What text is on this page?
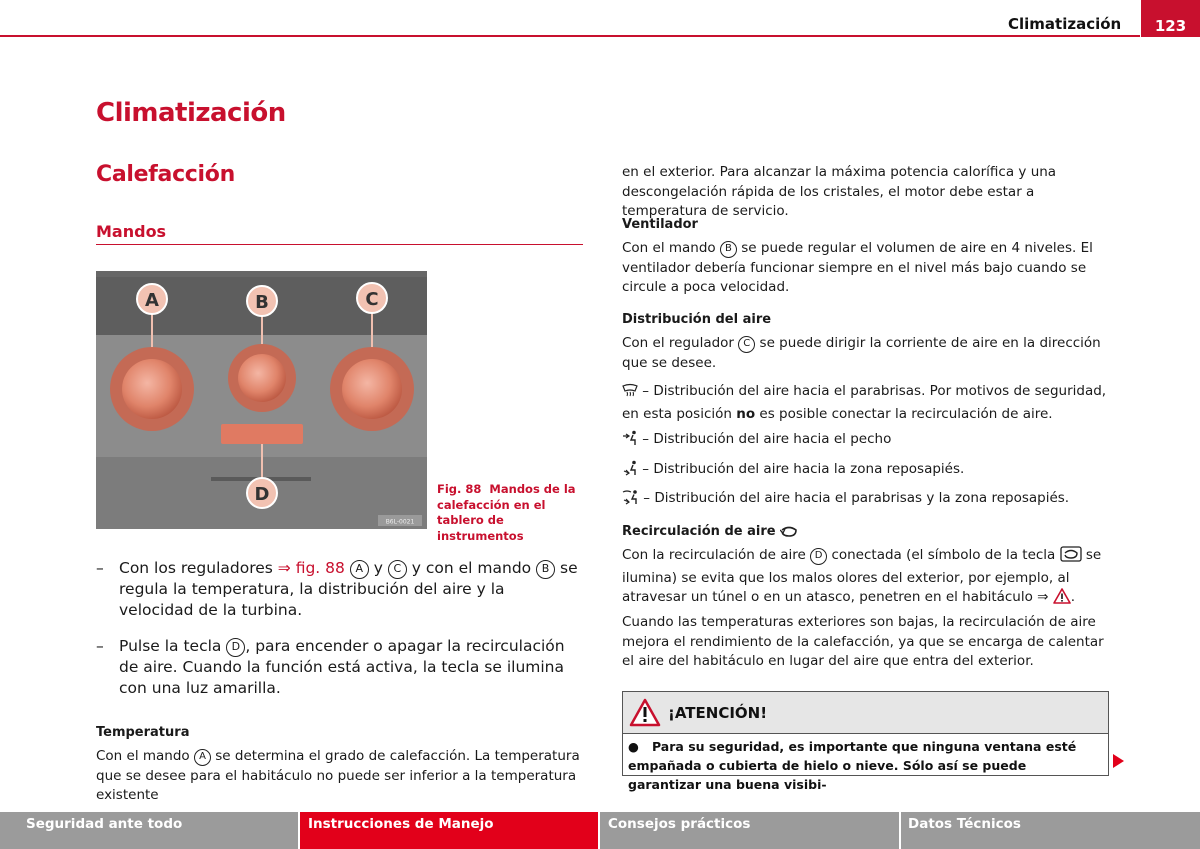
Climatización	123
Climatización
Calefacción
Mandos
A	B	C
D
B6L-0021
Fig. 88 Mandos de la calefacción en el tablero de instrumentos
– Con los reguladores ⇒ fig. 88 A y C y con el mando B se regula la temperatura, la distribución del aire y la velocidad de la turbina.
– Pulse la tecla D , para encender o apagar la recirculación de aire. Cuando la función está activa, la tecla se ilumina con una luz amarilla.
Temperatura
Con el mando A se determina el grado de calefacción. La temperatura que se desee para el habitáculo no puede ser inferior a la temperatura existente
en el exterior. Para alcanzar la máxima potencia calorífica y una descongelación rápida de los cristales, el motor debe estar a temperatura de servicio.
Ventilador
Con el mando B se puede regular el volumen de aire en 4 niveles. El ventilador debería funcionar siempre en el nivel más bajo cuando se circule a poca velocidad.
Distribución del aire
Con el regulador C se puede dirigir la corriente de aire en la dirección que se desee.
– Distribución del aire hacia el parabrisas. Por motivos de seguridad, en esta posición no es posible conectar la recirculación de aire.
– Distribución del aire hacia el pecho
– Distribución del aire hacia la zona reposapiés.
– Distribución del aire hacia el parabrisas y la zona reposapiés.
Recirculación de aire
Con la recirculación de aire D conectada (el símbolo de la tecla  se ilumina) se evita que los malos olores del exterior, por ejemplo, al atravesar un túnel o en un atasco, penetren en el habitáculo ⇒ .
Cuando las temperaturas exteriores son bajas, la recirculación de aire mejora el rendimiento de la calefacción, ya que se encarga de calentar el aire del habitáculo en lugar del aire que entra del exterior.
¡ATENCIÓN!
● Para su seguridad, es importante que ninguna ventana esté empañada o cubierta de hielo o nieve. Sólo así se puede garantizar una buena visibi-
Seguridad ante todo	Instrucciones de Manejo	Consejos prácticos	Datos Técnicos
